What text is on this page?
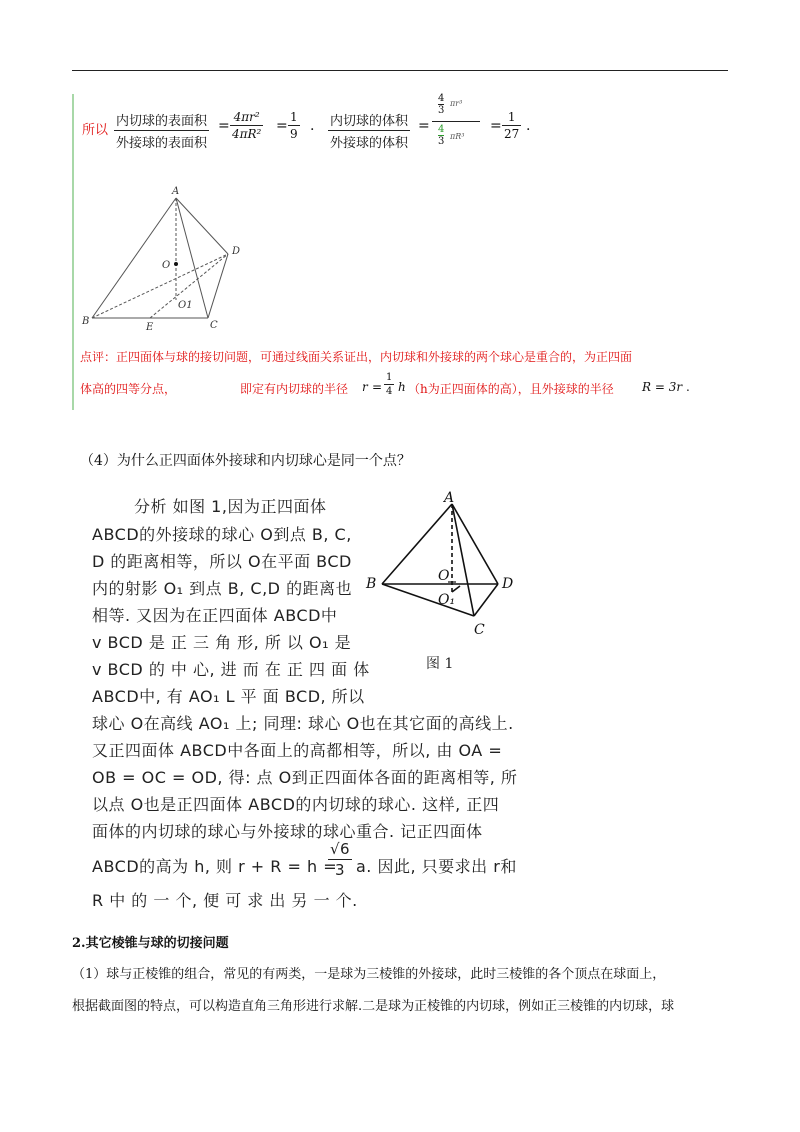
所以
内切球的表面积
外接球的表面积
= $\frac{\text{4πr²}}{\text{4πR²}} = \frac{1}{9}$ . 内切球的体积
外接球的体积
=
4
3
πr³
4
3 πR³
= $\frac{1}{27}$ .
A
D
O
O1
B
E	C
点评：正四面体与球的接切问题，可通过线面关系证出，内切球和外接球的两个球心是重合的，为正四面
体高的四等分点，	即定有内切球的半径 $r = \frac{1}{4}$ h （h为正四面体的高），且外接球的半径 R = 3r .
（4）为什么正四面体外接球和内切球心是同一个点？
分析 如图 1,因为正四面体
ABCD的外接球的球心 O到点 B, C,
D 的距离相等，所以 O在平面 BCD
内的射影 O₁ 到点 B, C,D 的距离也
相等. 又因为在正四面体 ABCD中
v BCD 是 正 三 角 形, 所 以 O₁ 是
v BCD 的 中 心, 进 而 在 正 四 面 体
ABCD中, 有 AO₁ L 平 面 BCD, 所以
球心 O在高线 AO₁ 上; 同理: 球心 O也在其它面的高线上.
又正四面体 ABCD中各面上的高都相等，所以, 由 OA =
OB = OC = OD, 得: 点 O到正四面体各面的距离相等, 所
以点 O也是正四面体 ABCD的内切球的球心. 这样, 正四
面体的内切球的球心与外接球的球心重合. 记正四面体
ABCD的高为 h, 则 r + R = h =
$\frac{√6}{3} a$. 因此, 只要求出 r和
R 中 的 一 个, 便 可 求 出 另 一 个.
A
B	D
O
O₁
C
图 1
2.其它棱锥与球的切接问题
（1）球与正棱锥的组合，常见的有两类，一是球为三棱锥的外接球，此时三棱锥的各个顶点在球面上，
根据截面图的特点，可以构造直角三角形进行求解.二是球为正棱锥的内切球，例如正三棱锥的内切球，球
